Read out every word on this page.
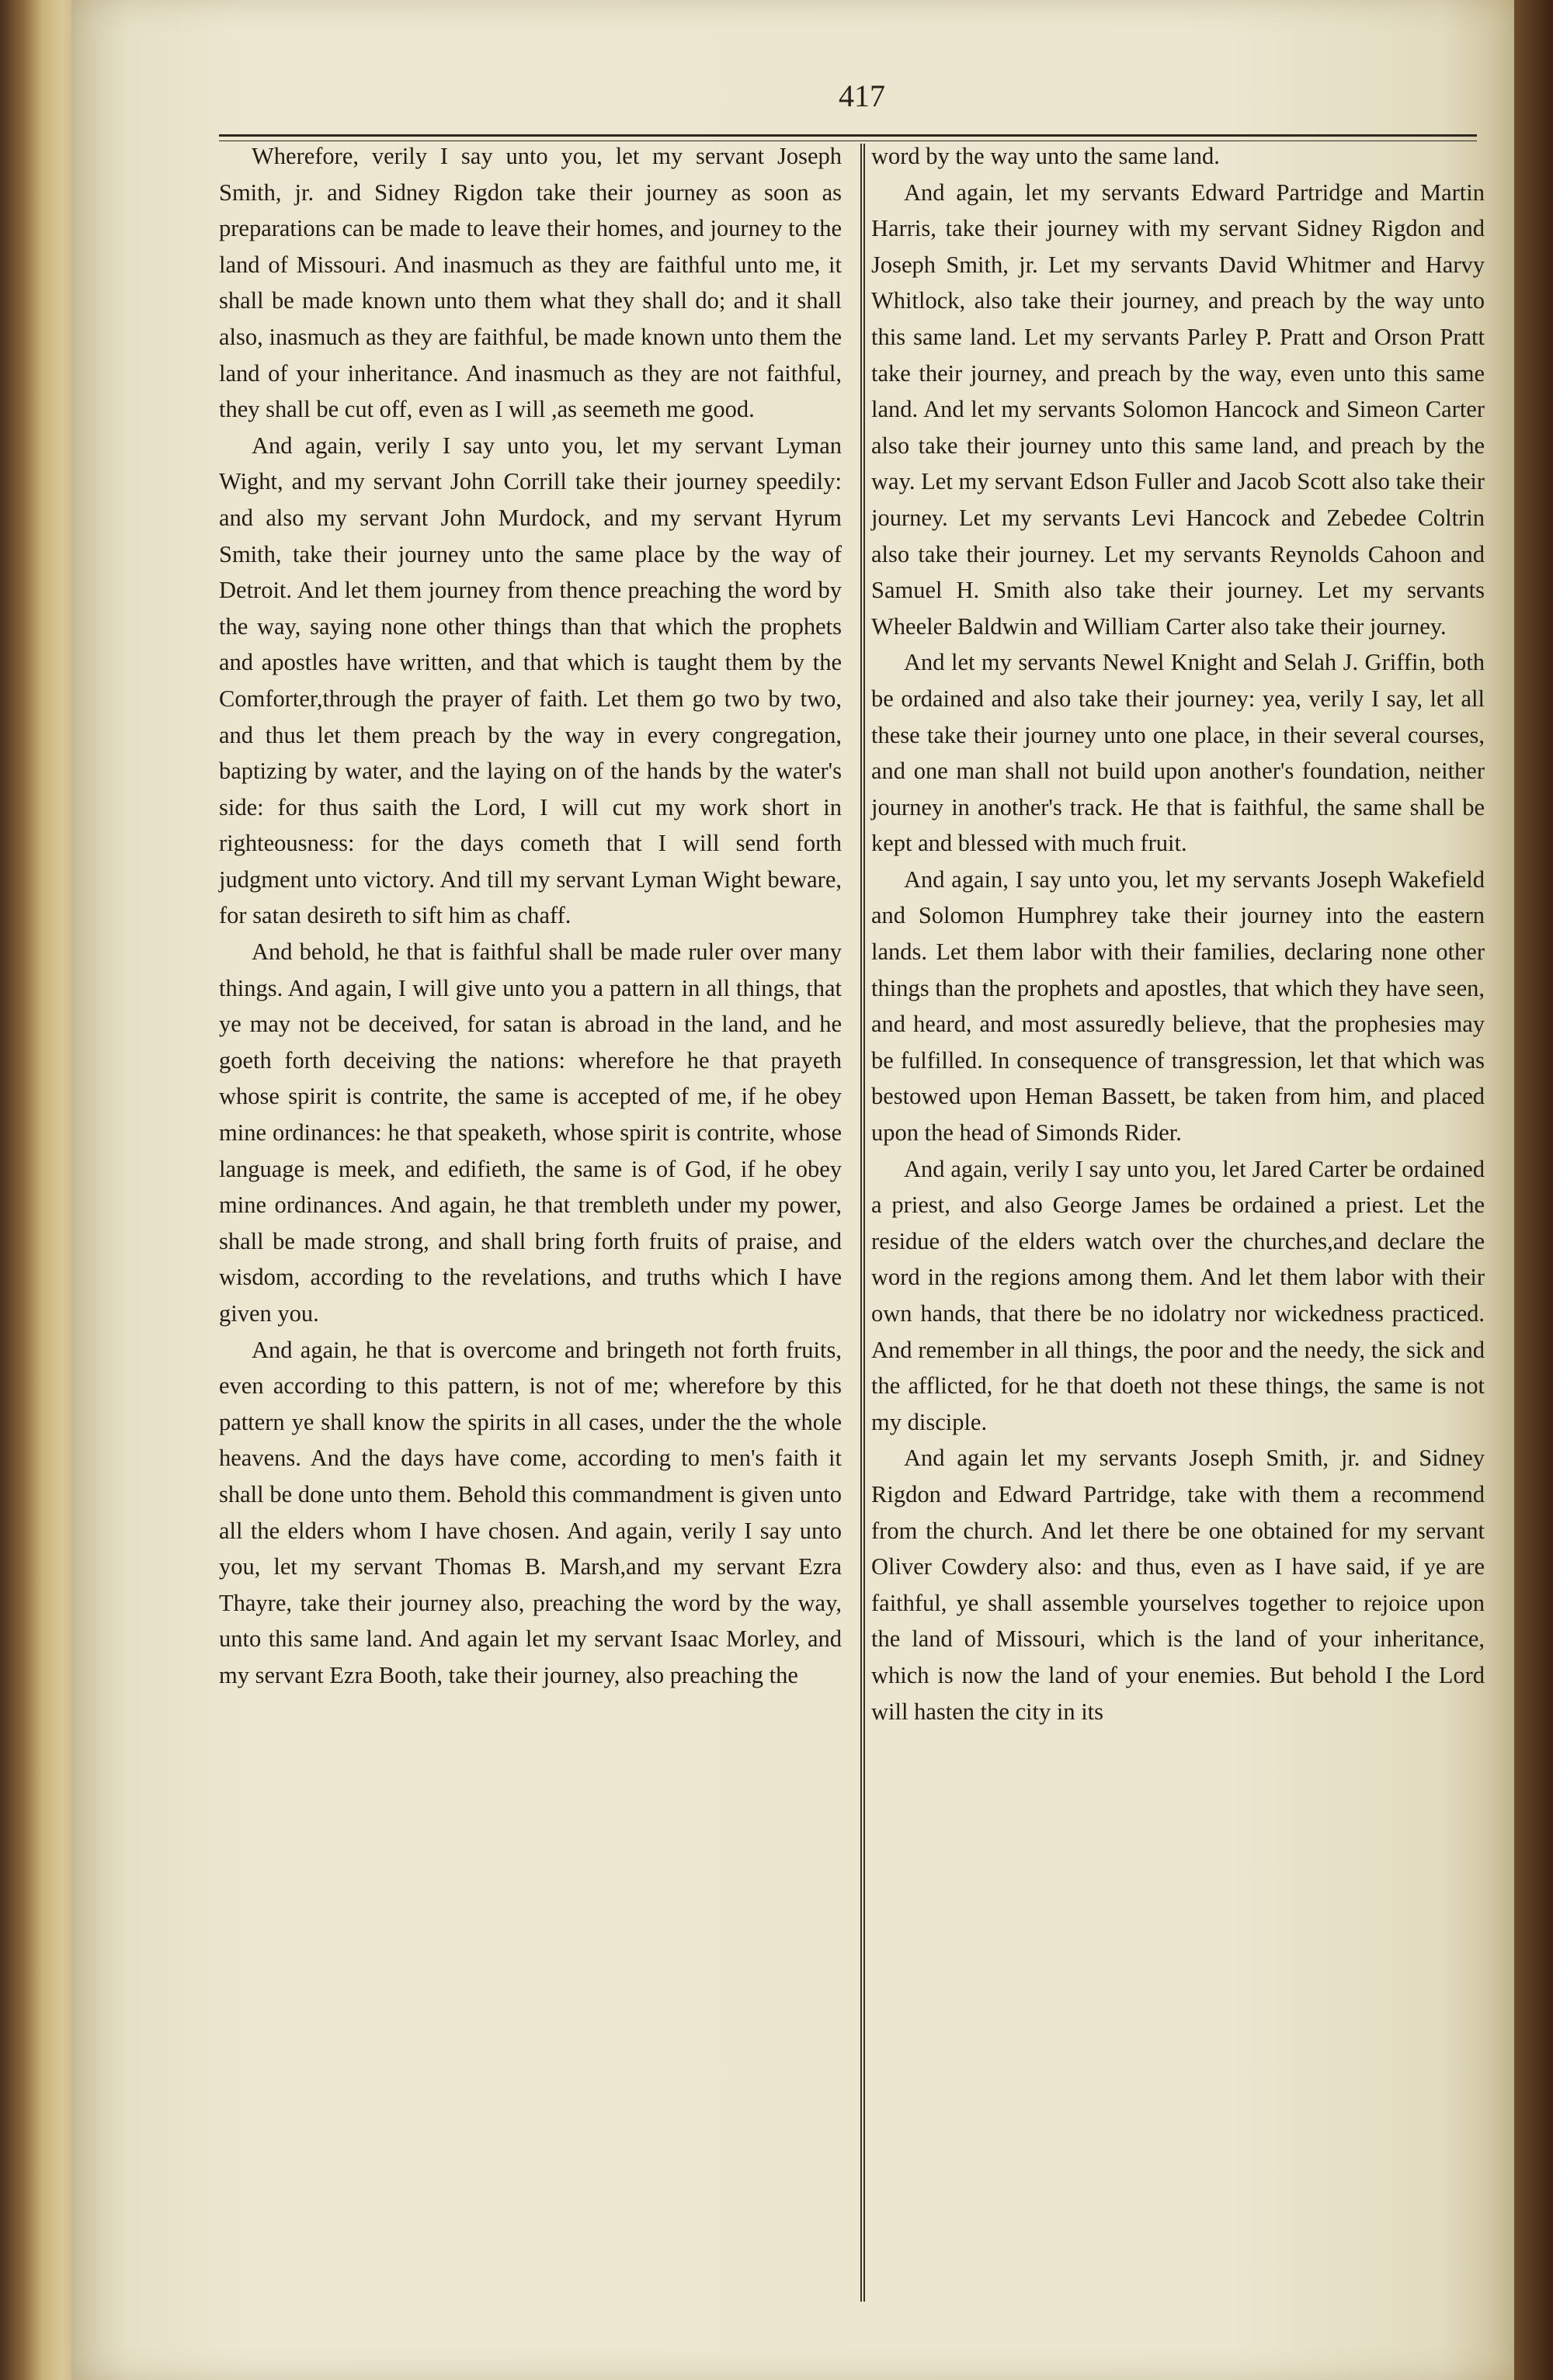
417

Wherefore, verily I say unto you, let my servant Joseph Smith, jr. and Sidney Rigdon take their journey as soon as preparations can be made to leave their homes, and journey to the land of Missouri. And inasmuch as they are faithful unto me, it shall be made known unto them what they shall do; and it shall also, inasmuch as they are faithful, be made known unto them the land of your inheritance. And inasmuch as they are not faithful, they shall be cut off, even as I will ,as seemeth me good.

And again, verily I say unto you, let my servant Lyman Wight, and my servant John Corrill take their journey speedily: and also my servant John Murdock, and my servant Hyrum Smith, take their journey unto the same place by the way of Detroit. And let them journey from thence preaching the word by the way, saying none other things than that which the prophets and apostles have written, and that which is taught them by the Comforter,through the prayer of faith. Let them go two by two, and thus let them preach by the way in every congregation, baptizing by water, and the laying on of the hands by the water's side: for thus saith the Lord, I will cut my work short in righteousness: for the days cometh that I will send forth judgment unto victory. And till my servant Lyman Wight beware, for satan desireth to sift him as chaff.

And behold, he that is faithful shall be made ruler over many things. And again, I will give unto you a pattern in all things, that ye may not be deceived, for satan is abroad in the land, and he goeth forth deceiving the nations: wherefore he that prayeth whose spirit is contrite, the same is accepted of me, if he obey mine ordinances: he that speaketh, whose spirit is contrite, whose language is meek, and edifieth, the same is of God, if he obey mine ordinances. And again, he that trembleth under my power, shall be made strong, and shall bring forth fruits of praise, and wisdom, according to the revelations, and truths which I have given you.

And again, he that is overcome and bringeth not forth fruits, even according to this pattern, is not of me; wherefore by this pattern ye shall know the spirits in all cases, under the the whole heavens. And the days have come, according to men's faith it shall be done unto them. Behold this commandment is given unto all the elders whom I have chosen. And again, verily I say unto you, let my servant Thomas B. Marsh,and my servant Ezra Thayre, take their journey also, preaching the word by the way, unto this same land. And again let my servant Isaac Morley, and my servant Ezra Booth, take their journey, also preaching the

word by the way unto the same land.

And again, let my servants Edward Partridge and Martin Harris, take their journey with my servant Sidney Rigdon and Joseph Smith, jr. Let my servants David Whitmer and Harvy Whitlock, also take their journey, and preach by the way unto this same land. Let my servants Parley P. Pratt and Orson Pratt take their journey, and preach by the way, even unto this same land. And let my servants Solomon Hancock and Simeon Carter also take their journey unto this same land, and preach by the way. Let my servant Edson Fuller and Jacob Scott also take their journey. Let my servants Levi Hancock and Zebedee Coltrin also take their journey. Let my servants Reynolds Cahoon and Samuel H. Smith also take their journey. Let my servants Wheeler Baldwin and William Carter also take their journey.

And let my servants Newel Knight and Selah J. Griffin, both be ordained and also take their journey: yea, verily I say, let all these take their journey unto one place, in their several courses, and one man shall not build upon another's foundation, neither journey in another's track. He that is faithful, the same shall be kept and blessed with much fruit.

And again, I say unto you, let my servants Joseph Wakefield and Solomon Humphrey take their journey into the eastern lands. Let them labor with their families, declaring none other things than the prophets and apostles, that which they have seen, and heard, and most assuredly believe, that the prophesies may be fulfilled. In consequence of transgression, let that which was bestowed upon Heman Bassett, be taken from him, and placed upon the head of Simonds Rider.

And again, verily I say unto you, let Jared Carter be ordained a priest, and also George James be ordained a priest. Let the residue of the elders watch over the churches,and declare the word in the regions among them. And let them labor with their own hands, that there be no idolatry nor wickedness practiced. And remember in all things, the poor and the needy, the sick and the afflicted, for he that doeth not these things, the same is not my disciple.

And again let my servants Joseph Smith, jr. and Sidney Rigdon and Edward Partridge, take with them a recommend from the church. And let there be one obtained for my servant Oliver Cowdery also: and thus, even as I have said, if ye are faithful, ye shall assemble yourselves together to rejoice upon the land of Missouri, which is the land of your inheritance, which is now the land of your enemies. But behold I the Lord will hasten the city in its
